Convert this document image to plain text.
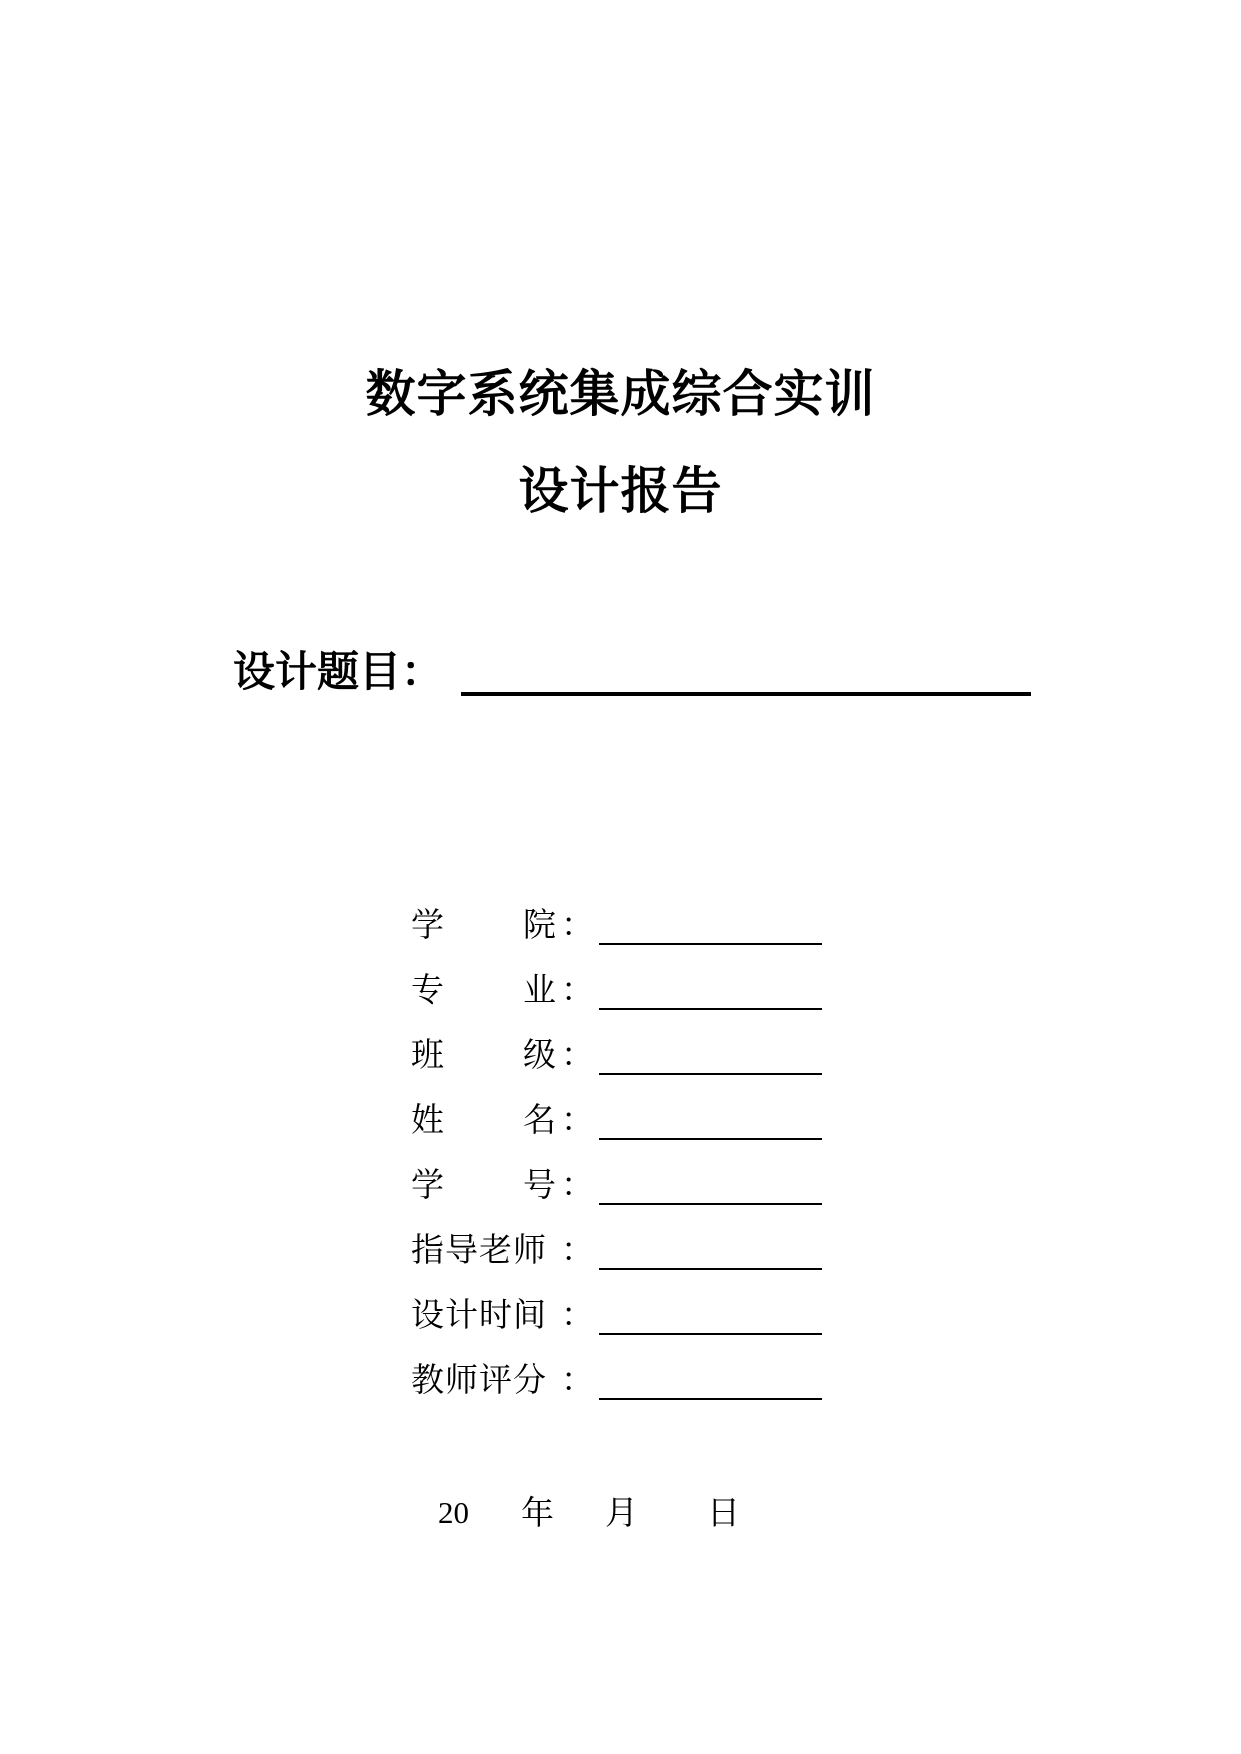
数字系统集成综合实训
设计报告
设计题目：
学 院 ：
专 业 ：
班 级 ：
姓 名 ：
学 号 ：
指导老师 ：
设计时间 ：
教师评分 ：
20 年 月 日
